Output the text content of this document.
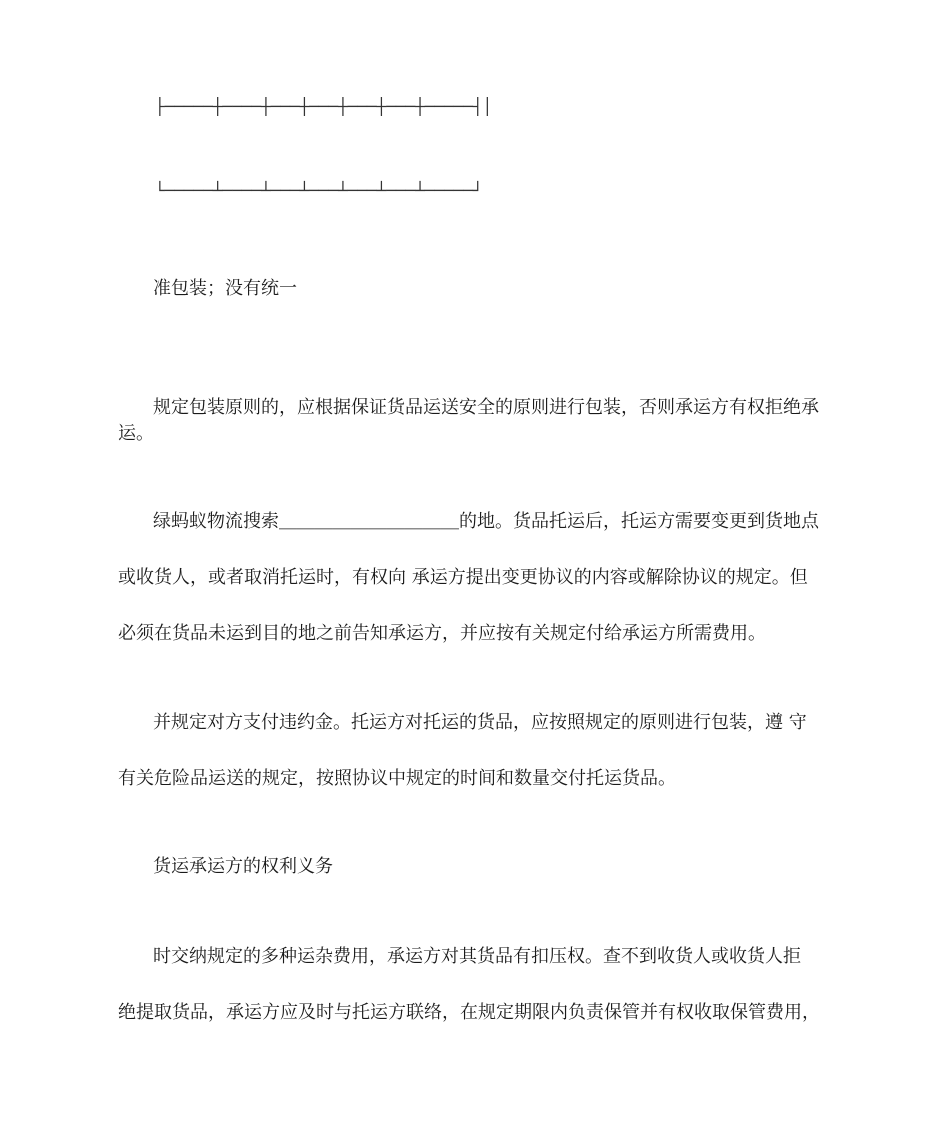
├─────┼────┼───┼───┼───┼───┼─────┤│
└─────┴────┴───┴───┴───┴───┴─────┘
准包装；没有统一
规定包装原则的，应根据保证货品运送安全的原则进行包装，否则承运方有权拒绝承
运。
绿蚂蚁物流搜索＿＿＿＿＿＿＿＿＿＿的地。货品托运后，托运方需要变更到货地点
或收货人，或者取消托运时，有权向 承运方提出变更协议的内容或解除协议的规定。但
必须在货品未运到目的地之前告知承运方，并应按有关规定付给承运方所需费用。
并规定对方支付违约金。托运方对托运的货品，应按照规定的原则进行包装，遵 守
有关危险品运送的规定，按照协议中规定的时间和数量交付托运货品。
货运承运方的权利义务
时交纳规定的多种运杂费用，承运方对其货品有扣压权。查不到收货人或收货人拒
绝提取货品，承运方应及时与托运方联络，在规定期限内负责保管并有权收取保管费用，
